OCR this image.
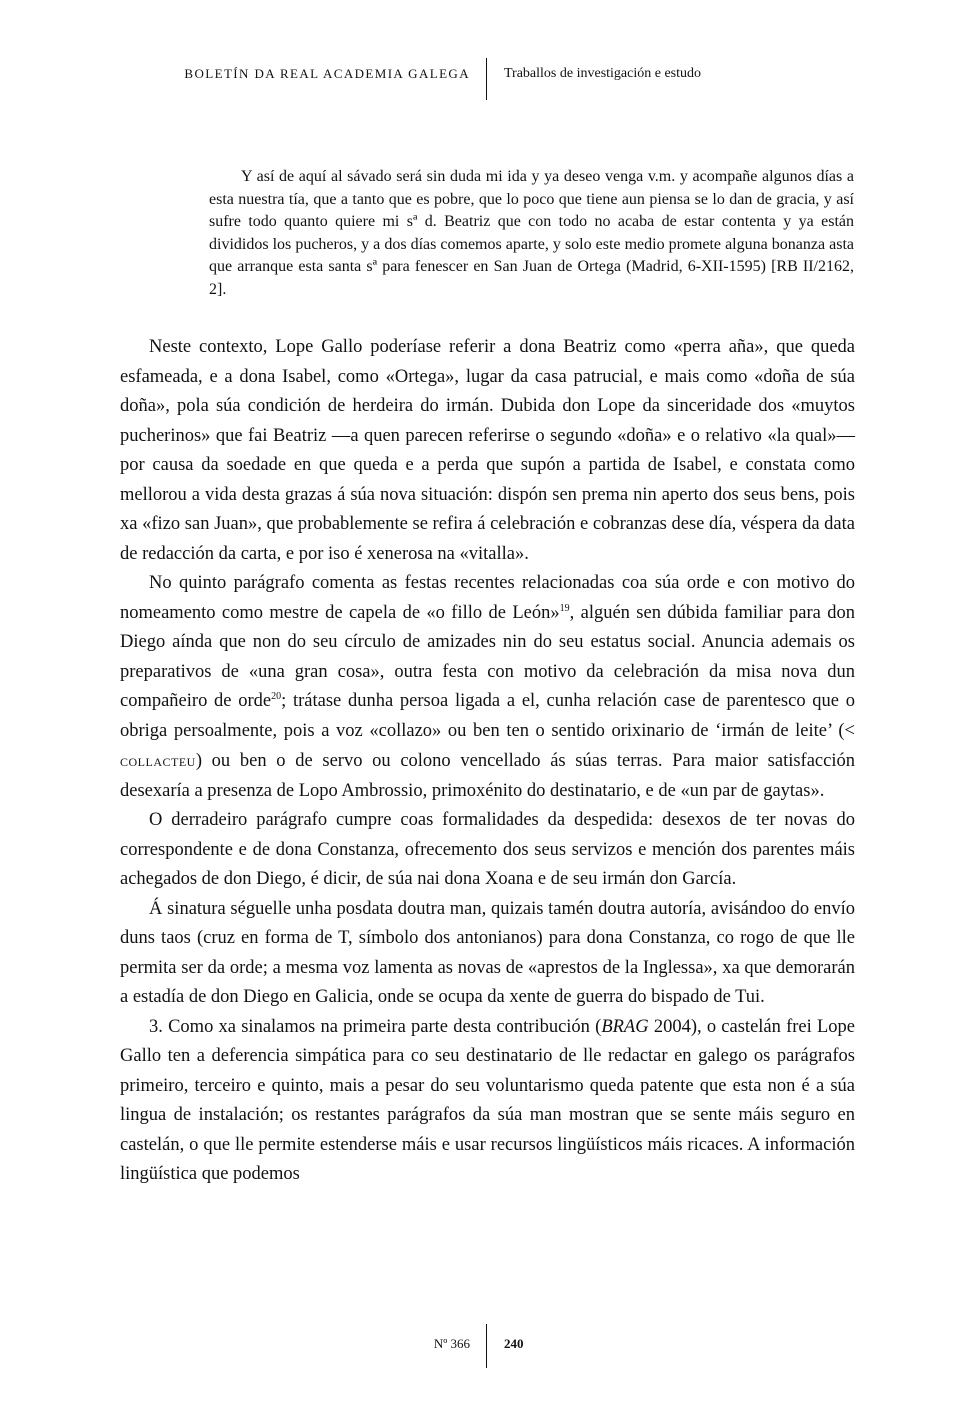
BOLETÍN DA REAL ACADEMIA GALEGA Traballos de investigación e estudo

Y así de aquí al sávado será sin duda mi ida y ya deseo venga v.m. y acompañe algunos días a esta nuestra tía, que a tanto que es pobre, que lo poco que tiene aun piensa se lo dan de gracia, y así sufre todo quanto quiere mi sª d. Beatriz que con todo no acaba de estar contenta y ya están divididos los pucheros, y a dos días comemos aparte, y solo este medio promete alguna bonanza asta que arranque esta santa sª para fenescer en San Juan de Ortega (Madrid, 6-XII-1595) [RB II/2162, 2].

Neste contexto, Lope Gallo poderíase referir a dona Beatriz como «perra aña», que queda esfameada, e a dona Isabel, como «Ortega», lugar da casa patrucial, e mais como «doña de súa doña», pola súa condición de herdeira do irmán. Dubida don Lope da sinceridade dos «muytos pucherinos» que fai Beatriz —a quen parecen referirse o segundo «doña» e o relativo «la qual»— por causa da soedade en que queda e a perda que supón a partida de Isabel, e constata como mellorou a vida desta grazas á súa nova situación: dispón sen prema nin aperto dos seus bens, pois xa «fizo san Juan», que probablemente se refira á celebración e cobranzas dese día, véspera da data de redacción da carta, e por iso é xenerosa na «vitalla».

No quinto parágrafo comenta as festas recentes relacionadas coa súa orde e con motivo do nomeamento como mestre de capela de «o fillo de León»$^{19}$, alguén sen dúbida familiar para don Diego aínda que non do seu círculo de amizades nin do seu estatus social. Anuncia ademais os preparativos de «una gran cosa», outra festa con motivo da celebración da misa nova dun compañeiro de orde$^{20}$; trátase dunha persoa ligada a el, cunha relación case de parentesco que o obriga persoalmente, pois a voz «collazo» ou ben ten o sentido orixinario de ‘irmán de leite’ (< collacteu) ou ben o de servo ou colono vencellado ás súas terras. Para maior satisfacción desexaría a presenza de Lopo Ambrossio, primoxénito do destinatario, e de «un par de gaytas».

O derradeiro parágrafo cumpre coas formalidades da despedida: desexos de ter novas do correspondente e de dona Constanza, ofrecemento dos seus servizos e mención dos parentes máis achegados de don Diego, é dicir, de súa nai dona Xoana e de seu irmán don García.

Á sinatura séguelle unha posdata doutra man, quizais tamén doutra autoría, avisándoo do envío duns taos (cruz en forma de T, símbolo dos antonianos) para dona Constanza, co rogo de que lle permita ser da orde; a mesma voz lamenta as novas de «aprestos de la Inglessa», xa que demorarán a estadía de don Diego en Galicia, onde se ocupa da xente de guerra do bispado de Tui.

3. Como xa sinalamos na primeira parte desta contribución (BRAG 2004), o castelán frei Lope Gallo ten a deferencia simpática para co seu destinatario de lle redactar en galego os parágrafos primeiro, terceiro e quinto, mais a pesar do seu voluntarismo queda patente que esta non é a súa lingua de instalación; os restantes parágrafos da súa man mostran que se sente máis seguro en castelán, o que lle permite estenderse máis e usar recursos lingüísticos máis ricaces. A información lingüística que podemos

Nº 366	240
